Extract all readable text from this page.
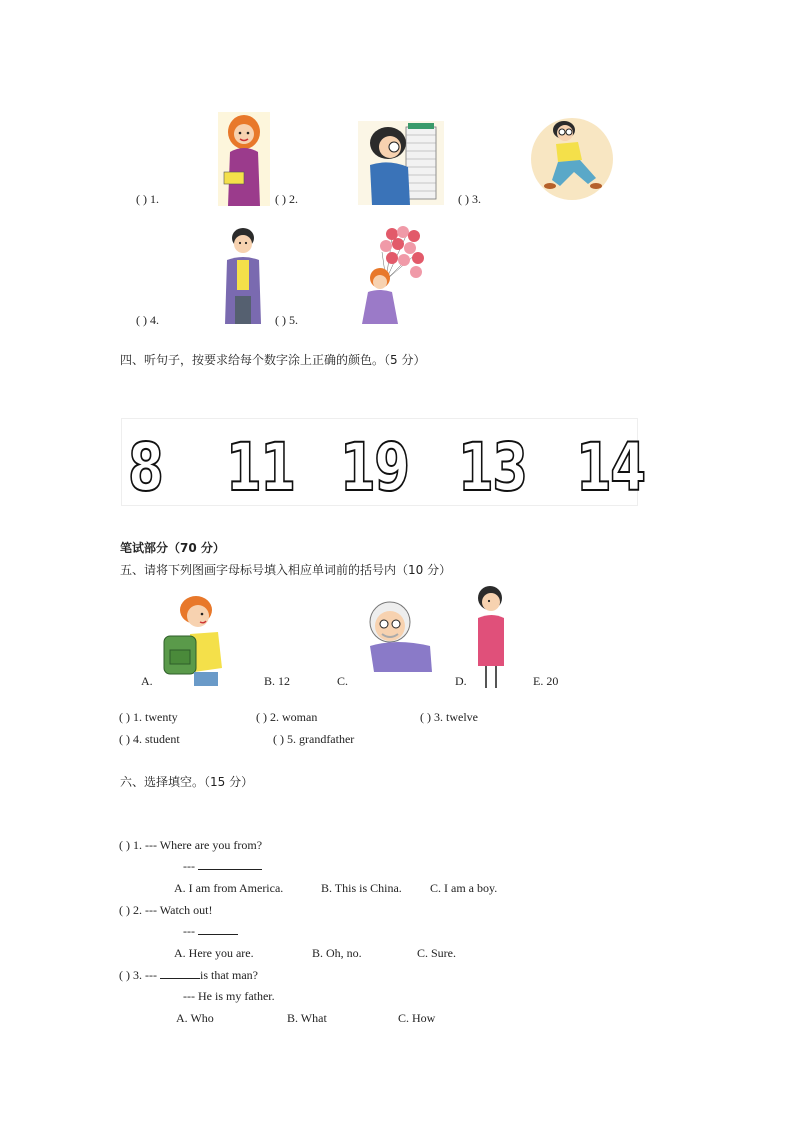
( ) 1.	( ) 2.	( ) 3.
( ) 4.	( ) 5.
四、听句子，按要求给每个数字涂上正确的颜色。（5 分）
8 11 19 13 14
笔试部分（70 分）
五、请将下列图画字母标号填入相应单词前的括号内（10 分）
A.	B. 12	C.	D.	E. 20
( ) 1. twenty	( ) 2. woman	( ) 3. twelve
( ) 4. student	( ) 5. grandfather
六、选择填空。（15 分）
( ) 1. --- Where are you from?
---
A. I am from America.	B. This is China. C. I am a boy.
( ) 2. --- Watch out!
---
A. Here you are.	B. Oh, no.	C. Sure.
( ) 3. ---	is that man?
--- He is my father.
A. Who	B. What	C. How
